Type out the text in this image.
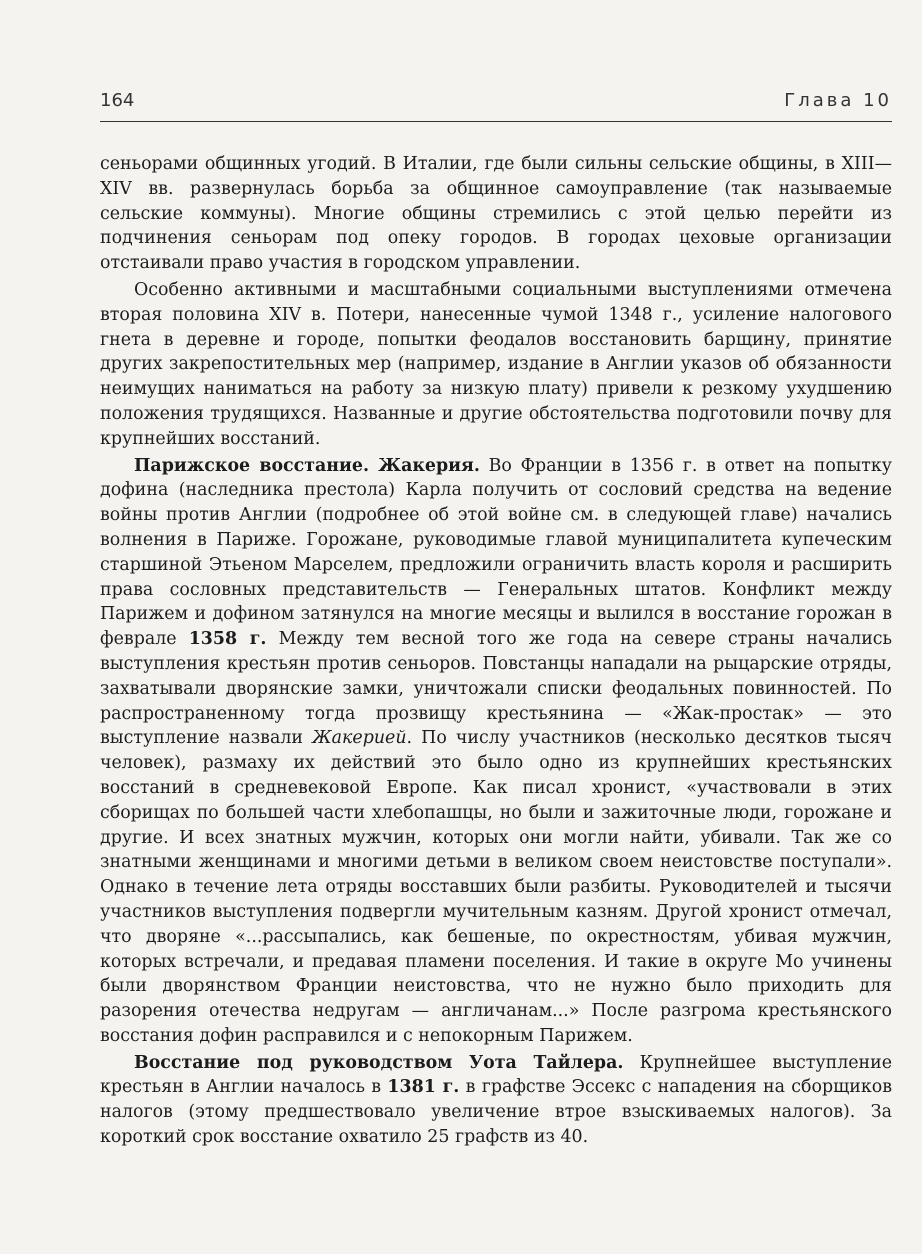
164	Глава 10

сеньорами общинных угодий. В Италии, где были сильны сельские общины, в XIII—XIV вв. развернулась борьба за общинное самоуправление (так называемые сельские коммуны). Многие общины стремились с этой целью перейти из подчинения сеньорам под опеку городов. В городах цеховые организации отстаивали право участия в городском управлении.

Особенно активными и масштабными социальными выступлениями отмечена вторая половина XIV в. Потери, нанесенные чумой 1348 г., усиление налогового гнета в деревне и городе, попытки феодалов восстановить барщину, принятие других закрепостительных мер (например, издание в Англии указов об обязанности неимущих наниматься на работу за низкую плату) привели к резкому ухудшению положения трудящихся. Названные и другие обстоятельства подготовили почву для крупнейших восстаний.

Парижское восстание. Жакерия. Во Франции в 1356 г. в ответ на попытку дофина (наследника престола) Карла получить от сословий средства на ведение войны против Англии (подробнее об этой войне см. в следующей главе) начались волнения в Париже. Горожане, руководимые главой муниципалитета купеческим старшиной Этьеном Марселем, предложили ограничить власть короля и расширить права сословных представительств — Генеральных штатов. Конфликт между Парижем и дофином затянулся на многие месяцы и вылился в восстание горожан в феврале 1358 г. Между тем весной того же года на севере страны начались выступления крестьян против сеньоров. Повстанцы нападали на рыцарские отряды, захватывали дворянские замки, уничтожали списки феодальных повинностей. По распространенному тогда прозвищу крестьянина — «Жак-простак» — это выступление назвали Жакерией. По числу участников (несколько десятков тысяч человек), размаху их действий это было одно из крупнейших крестьянских восстаний в средневековой Европе. Как писал хронист, «участвовали в этих сборищах по большей части хлебопашцы, но были и зажиточные люди, горожане и другие. И всех знатных мужчин, которых они могли найти, убивали. Так же со знатными женщинами и многими детьми в великом своем неистовстве поступали». Однако в течение лета отряды восставших были разбиты. Руководителей и тысячи участников выступления подвергли мучительным казням. Другой хронист отмечал, что дворяне «...рассыпались, как бешеные, по окрестностям, убивая мужчин, которых встречали, и предавая пламени поселения. И такие в округе Мо учинены были дворянством Франции неистовства, что не нужно было приходить для разорения отечества недругам — англичанам...» После разгрома крестьянского восстания дофин расправился и с непокорным Парижем.

Восстание под руководством Уота Тайлера. Крупнейшее выступление крестьян в Англии началось в 1381 г. в графстве Эссекс с нападения на сборщиков налогов (этому предшествовало увеличение втрое взыскиваемых налогов). За короткий срок восстание охватило 25 графств из 40.
